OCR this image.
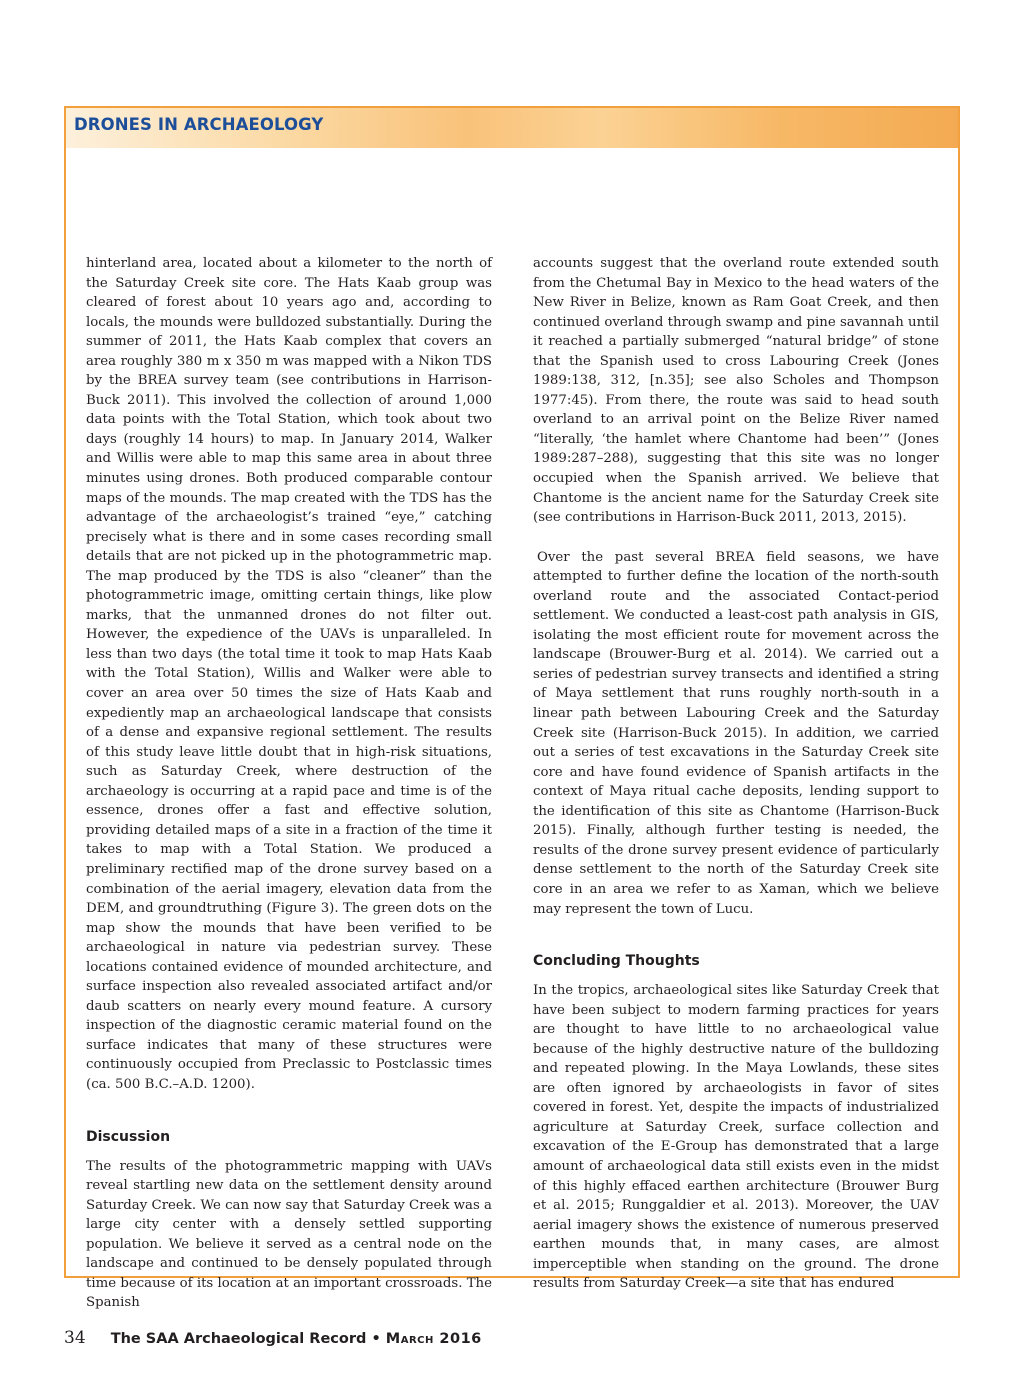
DRONES IN ARCHAEOLOGY

hinterland area, located about a kilometer to the north of the Saturday Creek site core. The Hats Kaab group was cleared of forest about 10 years ago and, according to locals, the mounds were bulldozed substantially. During the summer of 2011, the Hats Kaab complex that covers an area roughly 380 m x 350 m was mapped with a Nikon TDS by the BREA survey team (see contributions in Harrison-Buck 2011). This involved the collection of around 1,000 data points with the Total Station, which took about two days (roughly 14 hours) to map. In January 2014, Walker and Willis were able to map this same area in about three minutes using drones. Both produced comparable contour maps of the mounds. The map created with the TDS has the advantage of the archaeologist’s trained “eye,” catching precisely what is there and in some cases recording small details that are not picked up in the photogrammetric map. The map produced by the TDS is also “cleaner” than the photogrammetric image, omitting certain things, like plow marks, that the unmanned drones do not filter out. However, the expedience of the UAVs is unparalleled. In less than two days (the total time it took to map Hats Kaab with the Total Station), Willis and Walker were able to cover an area over 50 times the size of Hats Kaab and expediently map an archaeological landscape that consists of a dense and expansive regional settlement. The results of this study leave little doubt that in high-risk situations, such as Saturday Creek, where destruction of the archaeology is occurring at a rapid pace and time is of the essence, drones offer a fast and effective solution, providing detailed maps of a site in a fraction of the time it takes to map with a Total Station. We produced a preliminary rectified map of the drone survey based on a combination of the aerial imagery, elevation data from the DEM, and groundtruthing (Figure 3). The green dots on the map show the mounds that have been verified to be archaeological in nature via pedestrian survey. These locations contained evidence of mounded architecture, and surface inspection also revealed associated artifact and/or daub scatters on nearly every mound feature. A cursory inspection of the diagnostic ceramic material found on the surface indicates that many of these structures were continuously occupied from Preclassic to Postclassic times (ca. 500 B.C.–A.D. 1200).

Discussion

The results of the photogrammetric mapping with UAVs reveal startling new data on the settlement density around Saturday Creek. We can now say that Saturday Creek was a large city center with a densely settled supporting population. We believe it served as a central node on the landscape and continued to be densely populated through time because of its location at an important crossroads. The Spanish

accounts suggest that the overland route extended south from the Chetumal Bay in Mexico to the head waters of the New River in Belize, known as Ram Goat Creek, and then continued overland through swamp and pine savannah until it reached a partially submerged “natural bridge” of stone that the Spanish used to cross Labouring Creek (Jones 1989:138, 312, [n.35]; see also Scholes and Thompson 1977:45). From there, the route was said to head south overland to an arrival point on the Belize River named “literally, ‘the hamlet where Chantome had been’” (Jones 1989:287–288), suggesting that this site was no longer occupied when the Spanish arrived. We believe that Chantome is the ancient name for the Saturday Creek site (see contributions in Harrison-Buck 2011, 2013, 2015).

Over the past several BREA field seasons, we have attempted to further define the location of the north-south overland route and the associated Contact-period settlement. We conducted a least-cost path analysis in GIS, isolating the most efficient route for movement across the landscape (Brouwer-Burg et al. 2014). We carried out a series of pedestrian survey transects and identified a string of Maya settlement that runs roughly north-south in a linear path between Labouring Creek and the Saturday Creek site (Harrison-Buck 2015). In addition, we carried out a series of test excavations in the Saturday Creek site core and have found evidence of Spanish artifacts in the context of Maya ritual cache deposits, lending support to the identification of this site as Chantome (Harrison-Buck 2015). Finally, although further testing is needed, the results of the drone survey present evidence of particularly dense settlement to the north of the Saturday Creek site core in an area we refer to as Xaman, which we believe may represent the town of Lucu.

Concluding Thoughts

In the tropics, archaeological sites like Saturday Creek that have been subject to modern farming practices for years are thought to have little to no archaeological value because of the highly destructive nature of the bulldozing and repeated plowing. In the Maya Lowlands, these sites are often ignored by archaeologists in favor of sites covered in forest. Yet, despite the impacts of industrialized agriculture at Saturday Creek, surface collection and excavation of the E-Group has demonstrated that a large amount of archaeological data still exists even in the midst of this highly effaced earthen architecture (Brouwer Burg et al. 2015; Runggaldier et al. 2013). Moreover, the UAV aerial imagery shows the existence of numerous preserved earthen mounds that, in many cases, are almost imperceptible when standing on the ground. The drone results from Saturday Creek—a site that has endured

34 The SAA Archaeological Record • March 2016
